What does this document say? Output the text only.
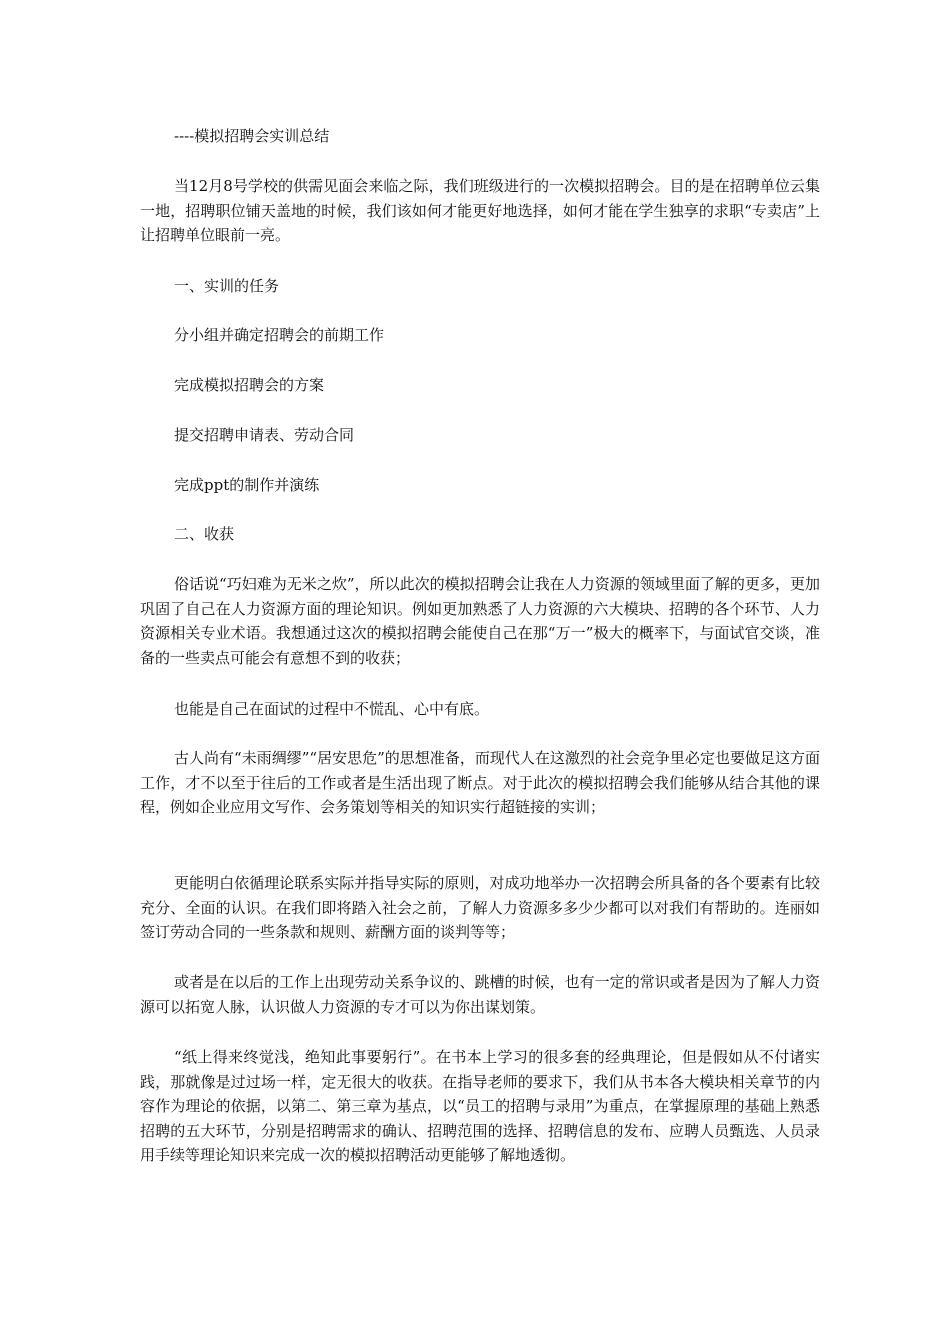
----模拟招聘会实训总结

当12月8号学校的供需见面会来临之际，我们班级进行的一次模拟招聘会。目的是在招聘单位云集一地，招聘职位铺天盖地的时候，我们该如何才能更好地选择，如何才能在学生独享的求职“专卖店”上让招聘单位眼前一亮。

一、实训的任务

分小组并确定招聘会的前期工作

完成模拟招聘会的方案

提交招聘申请表、劳动合同

完成ppt的制作并演练

二、收获

俗话说“巧妇难为无米之炊”，所以此次的模拟招聘会让我在人力资源的领域里面了解的更多，更加巩固了自己在人力资源方面的理论知识。例如更加熟悉了人力资源的六大模块、招聘的各个环节、人力资源相关专业术语。我想通过这次的模拟招聘会能使自己在那“万一”极大的概率下，与面试官交谈，准备的一些卖点可能会有意想不到的收获；

也能是自己在面试的过程中不慌乱、心中有底。

古人尚有“未雨绸缪”“居安思危”的思想准备，而现代人在这激烈的社会竞争里必定也要做足这方面工作，才不以至于往后的工作或者是生活出现了断点。对于此次的模拟招聘会我们能够从结合其他的课程，例如企业应用文写作、会务策划等相关的知识实行超链接的实训；

更能明白依循理论联系实际并指导实际的原则，对成功地举办一次招聘会所具备的各个要素有比较充分、全面的认识。在我们即将踏入社会之前，了解人力资源多多少少都可以对我们有帮助的。连丽如签订劳动合同的一些条款和规则、薪酬方面的谈判等等；

或者是在以后的工作上出现劳动关系争议的、跳槽的时候，也有一定的常识或者是因为了解人力资源可以拓宽人脉，认识做人力资源的专才可以为你出谋划策。

“纸上得来终觉浅，绝知此事要躬行”。在书本上学习的很多套的经典理论，但是假如从不付诸实践，那就像是过过场一样，定无很大的收获。在指导老师的要求下，我们从书本各大模块相关章节的内容作为理论的依据，以第二、第三章为基点，以“员工的招聘与录用”为重点，在掌握原理的基础上熟悉招聘的五大环节，分别是招聘需求的确认、招聘范围的选择、招聘信息的发布、应聘人员甄选、人员录用手续等理论知识来完成一次的模拟招聘活动更能够了解地透彻。
